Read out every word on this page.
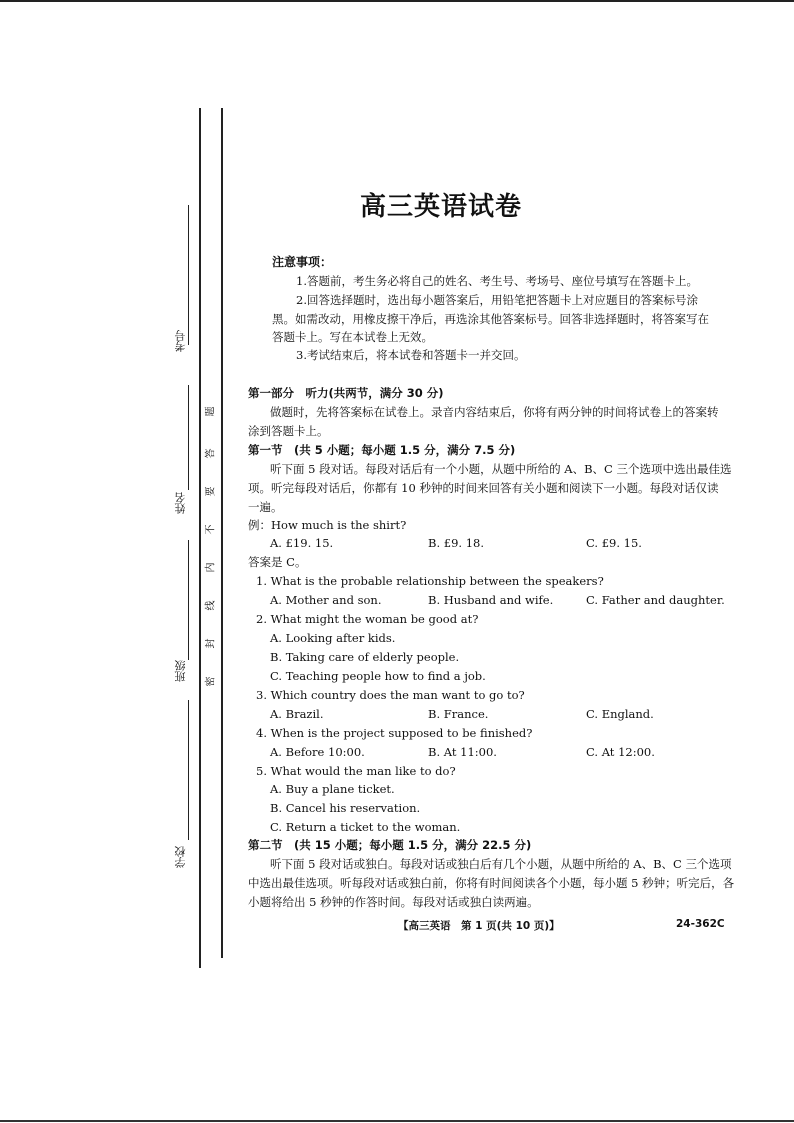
考号
姓名
班级
学校
题
答
要
不
内
线
封
密
高三英语试卷
注意事项：
1.答题前，考生务必将自己的姓名、考生号、考场号、座位号填写在答题卡上。
2.回答选择题时，选出每小题答案后，用铅笔把答题卡上对应题目的答案标号涂
黑。如需改动，用橡皮擦干净后，再选涂其他答案标号。回答非选择题时，将答案写在
答题卡上。写在本试卷上无效。
3.考试结束后，将本试卷和答题卡一并交回。
第一部分　听力(共两节，满分 30 分)
做题时，先将答案标在试卷上。录音内容结束后，你将有两分钟的时间将试卷上的答案转
涂到答题卡上。
第一节　(共 5 小题；每小题 1.5 分，满分 7.5 分)
听下面 5 段对话。每段对话后有一个小题，从题中所给的 A、B、C 三个选项中选出最佳选
项。听完每段对话后，你都有 10 秒钟的时间来回答有关小题和阅读下一小题。每段对话仅读
一遍。
例：How much is the shirt?
A. £19. 15.	B. £9. 18.	C. £9. 15.
答案是 C。
1. What is the probable relationship between the speakers?
A. Mother and son.	B. Husband and wife.	C. Father and daughter.
2. What might the woman be good at?
A. Looking after kids.
B. Taking care of elderly people.
C. Teaching people how to find a job.
3. Which country does the man want to go to?
A. Brazil.	B. France.	C. England.
4. When is the project supposed to be finished?
A. Before 10:00.	B. At 11:00.	C. At 12:00.
5. What would the man like to do?
A. Buy a plane ticket.
B. Cancel his reservation.
C. Return a ticket to the woman.
第二节　(共 15 小题；每小题 1.5 分，满分 22.5 分)
听下面 5 段对话或独白。每段对话或独白后有几个小题，从题中所给的 A、B、C 三个选项
中选出最佳选项。听每段对话或独白前，你将有时间阅读各个小题，每小题 5 秒钟；听完后，各
小题将给出 5 秒钟的作答时间。每段对话或独白读两遍。
【高三英语　第 1 页(共 10 页)】	24-362C
